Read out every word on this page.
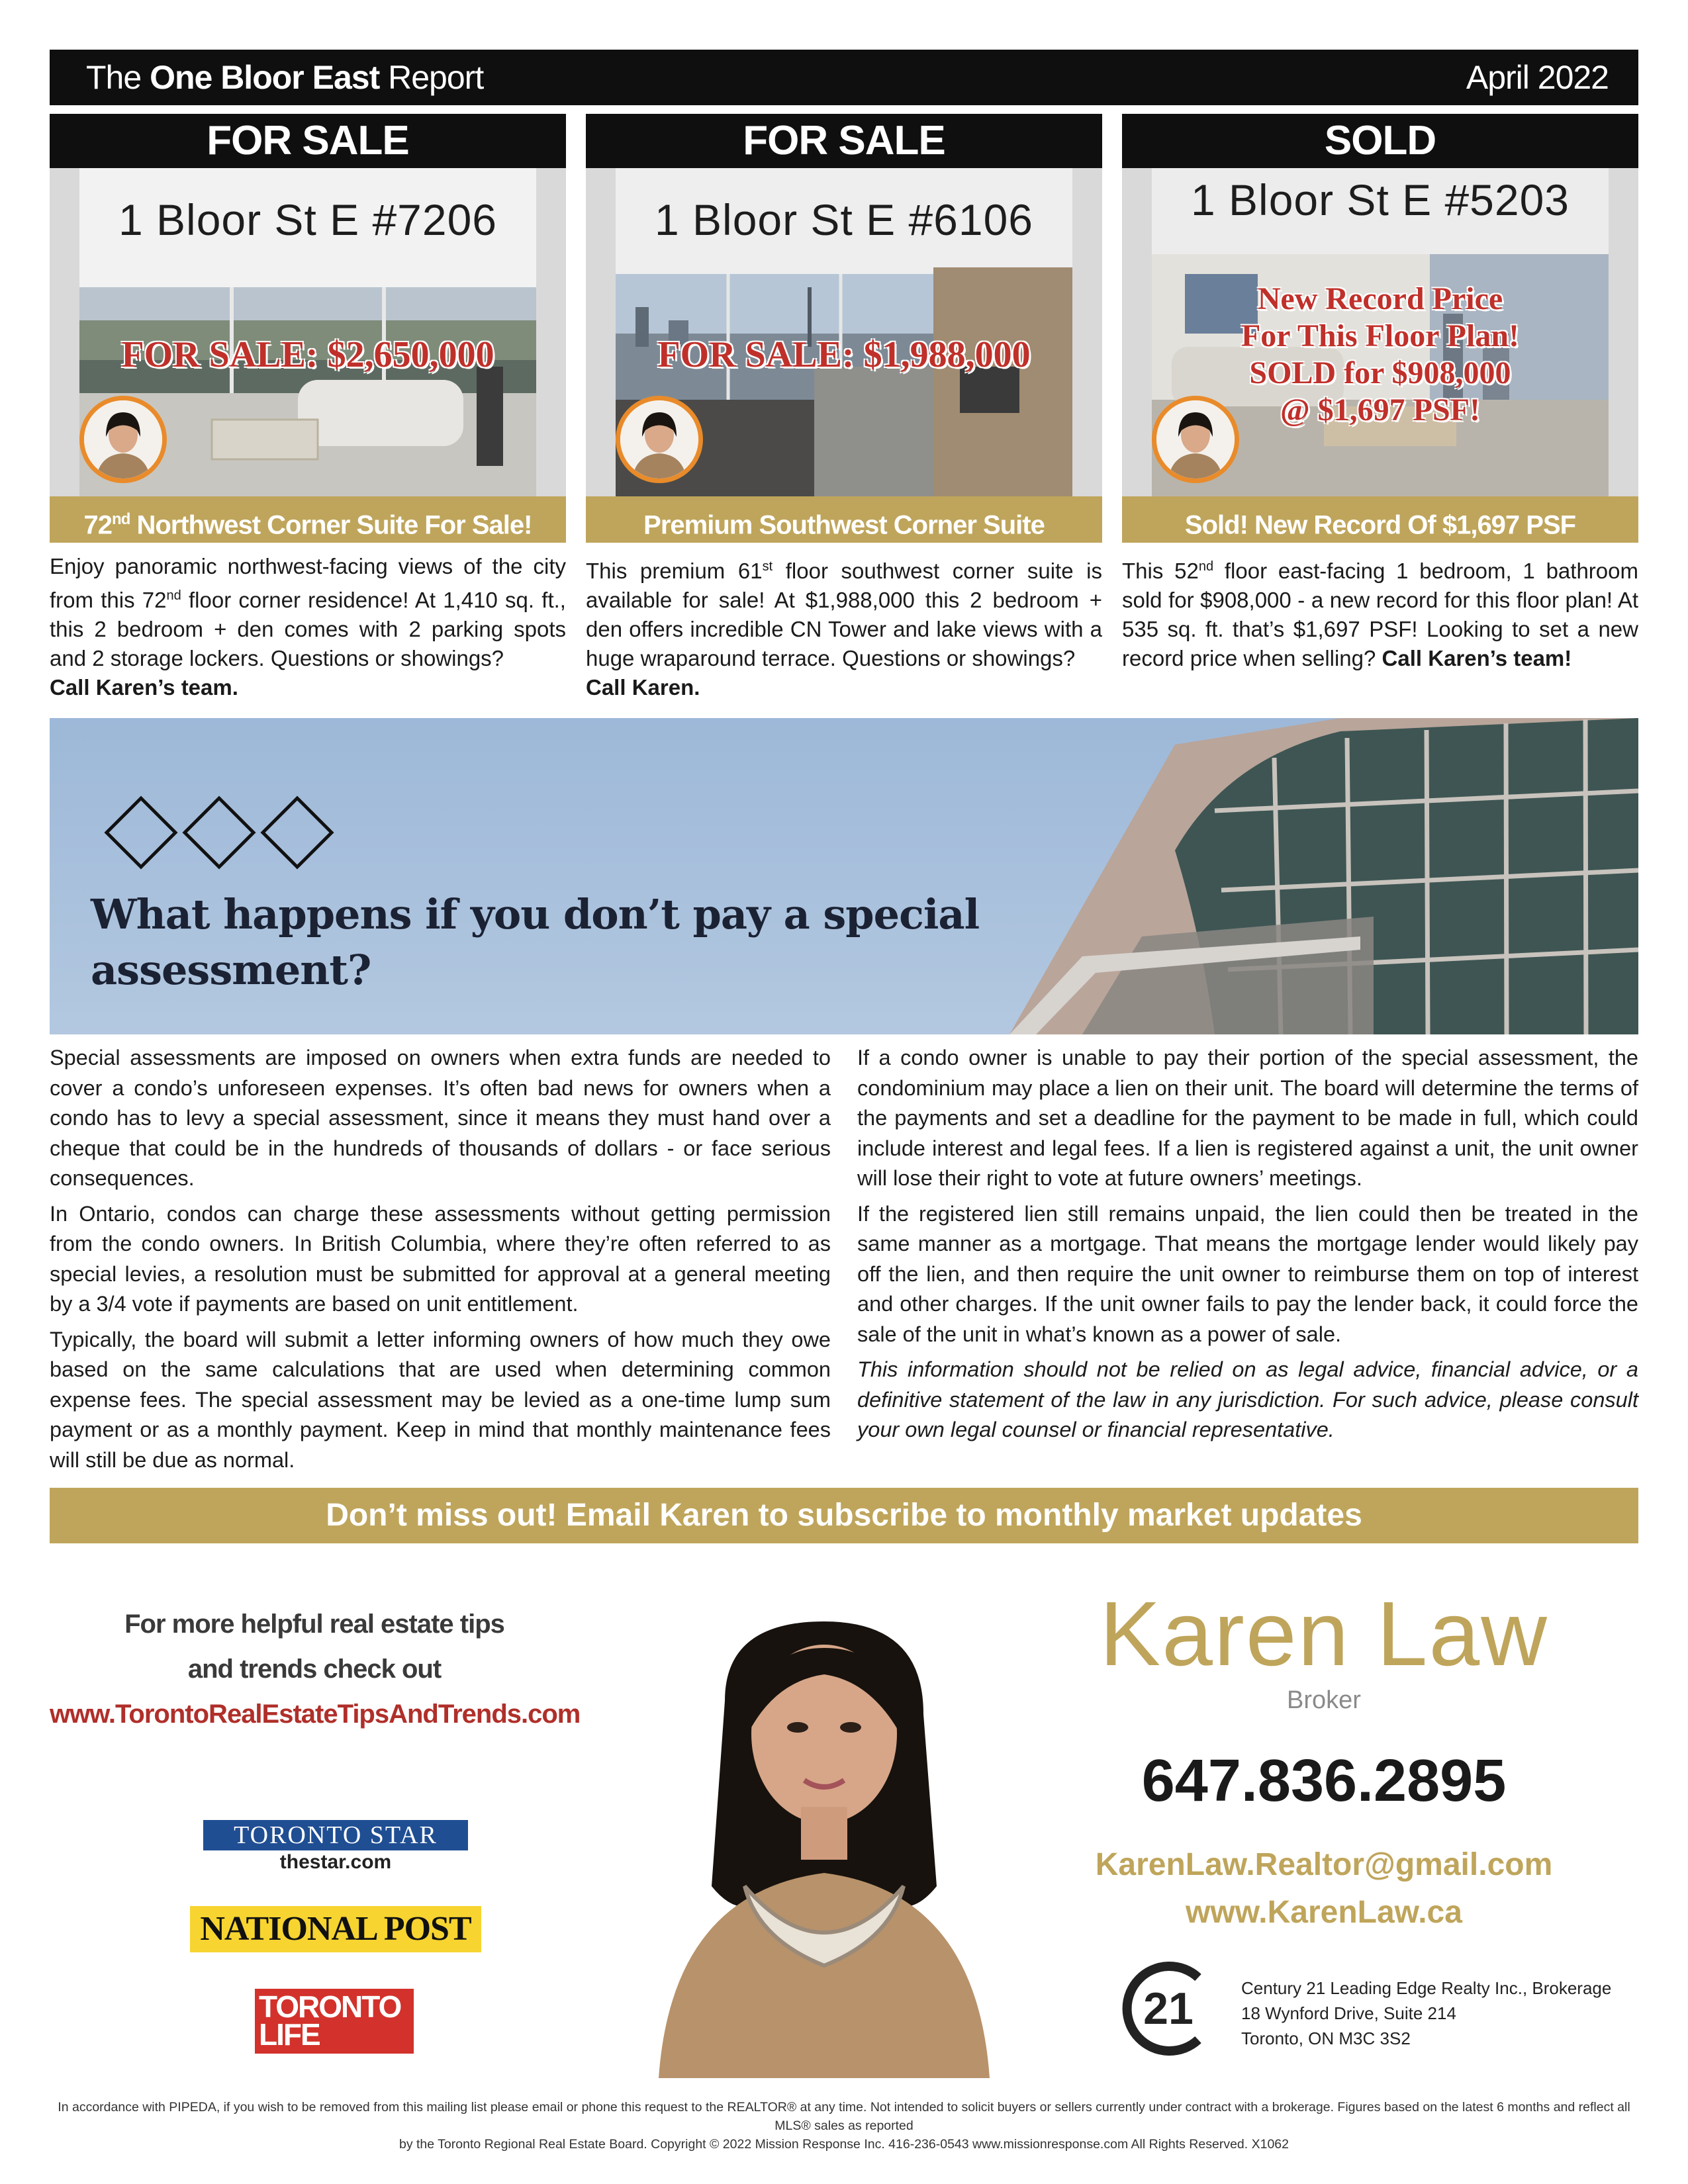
The One Bloor East Report	April 2022
FOR SALE
1 Bloor St E #7206
FOR SALE: $2,650,000
72nd Northwest Corner Suite For Sale!
Enjoy panoramic northwest-facing views of the city from this 72nd floor corner residence! At 1,410 sq. ft., this 2 bedroom + den comes with 2 parking spots and 2 storage lockers. Questions or showings?
Call Karen’s team.
FOR SALE
1 Bloor St E #6106
FOR SALE: $1,988,000
Premium Southwest Corner Suite
This premium 61st floor southwest corner suite is available for sale! At $1,988,000 this 2 bedroom + den offers incredible CN Tower and lake views with a huge wraparound terrace. Questions or showings?
Call Karen.
SOLD
1 Bloor St E #5203
New Record Price
For This Floor Plan!
SOLD for $908,000
@ $1,697 PSF!
Sold! New Record Of $1,697 PSF
This 52nd floor east-facing 1 bedroom, 1 bathroom sold for $908,000 - a new record for this floor plan! At 535 sq. ft. that’s $1,697 PSF! Looking to set a new record price when selling? Call Karen’s team!
What happens if you don’t pay a special
assessment?

Special assessments are imposed on owners when extra funds are needed to cover a condo’s unforeseen expenses. It’s often bad news for owners when a condo has to levy a special assessment, since it means they must hand over a cheque that could be in the hundreds of thousands of dollars - or face serious consequences.

In Ontario, condos can charge these assessments without getting permission from the condo owners. In British Columbia, where they’re often referred to as special levies, a resolution must be submitted for approval at a general meeting by a 3/4 vote if payments are based on unit entitlement.

Typically, the board will submit a letter informing owners of how much they owe based on the same calculations that are used when determining common expense fees. The special assessment may be levied as a one-time lump sum payment or as a monthly payment. Keep in mind that monthly maintenance fees will still be due as normal.

If a condo owner is unable to pay their portion of the special assessment, the condominium may place a lien on their unit. The board will determine the terms of the payments and set a deadline for the payment to be made in full, which could include interest and legal fees. If a lien is registered against a unit, the unit owner will lose their right to vote at future owners’ meetings.

If the registered lien still remains unpaid, the lien could then be treated in the same manner as a mortgage. That means the mortgage lender would likely pay off the lien, and then require the unit owner to reimburse them on top of interest and other charges. If the unit owner fails to pay the lender back, it could force the sale of the unit in what’s known as a power of sale.

This information should not be relied on as legal advice, financial advice, or a definitive statement of the law in any jurisdiction. For such advice, please consult your own legal counsel or financial representative.

Don’t miss out! Email Karen to subscribe to monthly market updates
For more helpful real estate tips
and trends check out
www.TorontoRealEstateTipsAndTrends.com
TORONTO STAR
thestar.com
NATIONAL POST
TORONTO
LIFE
Karen Law
Broker
647.836.2895
KarenLaw.Realtor@gmail.com
www.KarenLaw.ca
21	Century 21 Leading Edge Realty Inc., Brokerage
18 Wynford Drive, Suite 214
Toronto, ON M3C 3S2
In accordance with PIPEDA, if you wish to be removed from this mailing list please email or phone this request to the REALTOR® at any time. Not intended to solicit buyers or sellers currently under contract with a brokerage. Figures based on the latest 6 months and reflect all MLS® sales as reported
by the Toronto Regional Real Estate Board. Copyright © 2022 Mission Response Inc. 416-236-0543 www.missionresponse.com All Rights Reserved. X1062
